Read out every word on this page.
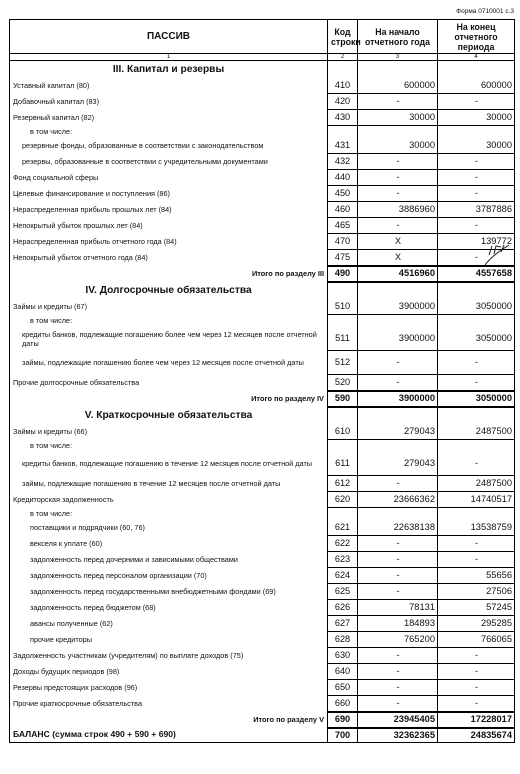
Форма 0710001 с.3
ПАССИВ	Код строки	На начало отчетного года	На конец отчетного периода
1	2	3	4
III. Капитал и резервы			
Уставный капитал (80)	410	600000	600000
Добавочный капитал (83)	420	-	-
Резервный капитал (82)	430	30000	30000
в том числе:			
резервные фонды, образованные в соответствии с законодательством	431	30000	30000
резервы, образованные в соответствии с учредительными документами	432	-	-
Фонд социальной сферы	440	-	-
Целевые финансирование и поступления (86)	450	-	-
Нераспределенная прибыль прошлых лет (84)	460	3886960	3787886
Непокрытый убыток прошлых лет (84)	465	-	-
Нераспределенная прибыль отчетного года (84)	470	X	139772
Непокрытый убыток отчетного года (84)	475	X	-
Итого по разделу III	490	4516960	4557658
IV. Долгосрочные обязательства			
Займы и кредиты (67)	510	3900000	3050000
в том числе:			
кредиты банков, подлежащие погашению более чем через 12 месяцев после отчетной даты	511	3900000	3050000
займы, подлежащие погашению более чем через 12 месяцев после отчетной даты	512	-	-
Прочие долгосрочные обязательства	520	-	-
Итого по разделу IV	590	3900000	3050000
V. Краткосрочные обязательства			
Займы и кредиты (66)	610	279043	2487500
в том числе:			
кредиты банков, подлежащие погашению в течение 12 месяцев после отчетной даты	611	279043	-
займы, подлежащие погашению в течение 12 месяцев после отчетной даты	612	-	2487500
Кредиторская задолженность	620	23666362	14740517
в том числе:			
поставщики и подрядчики (60, 76)	621	22638138	13538759
векселя к уплате (60)	622	-	-
задолженность перед дочерними и зависимыми обществами	623	-	-
задолженность перед персоналом организации (70)	624	-	55656
задолженность перед государственными внебюджетными фондами (69)	625	-	27506
задолженность перед бюджетом (68)	626	78131	57245
авансы полученные (62)	627	184893	295285
прочие кредиторы	628	765200	766065
Задолженность участникам (учредителям) по выплате доходов (75)	630	-	-
Доходы будущих периодов (98)	640	-	-
Резервы предстоящих расходов (96)	650	-	-
Прочие краткосрочные обязательства	660	-	-
Итого по разделу V	690	23945405	17228017
БАЛАНС (сумма строк 490 + 590 + 690)	700	32362365	24835674
